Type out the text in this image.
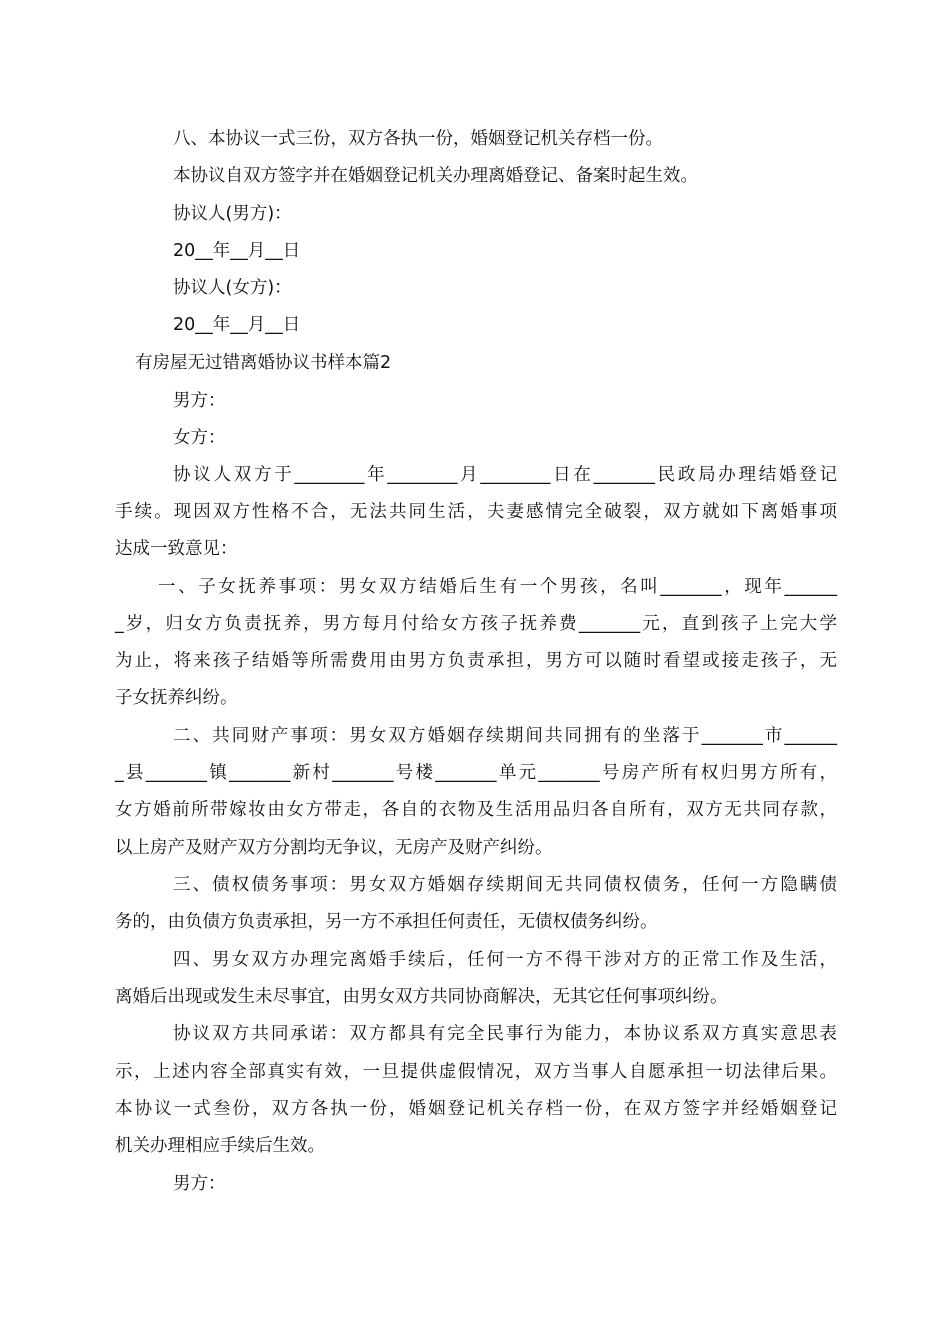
八、本协议一式三份，双方各执一份，婚姻登记机关存档一份。
本协议自双方签字并在婚姻登记机关办理离婚登记、备案时起生效。
协议人(男方)：
20__年__月__日
协议人(女方)：
20__年__月__日
有房屋无过错离婚协议书样本篇2
男方：
女方：
协议人双方于________年________月________日在_______民政局办理结婚登记
手续。现因双方性格不合，无法共同生活，夫妻感情完全破裂，双方就如下离婚事项
达成一致意见：
一、子女抚养事项：男女双方结婚后生有一个男孩，名叫_______，现年______
_岁，归女方负责抚养，男方每月付给女方孩子抚养费_______元，直到孩子上完大学
为止，将来孩子结婚等所需费用由男方负责承担，男方可以随时看望或接走孩子，无
子女抚养纠纷。
二、共同财产事项：男女双方婚姻存续期间共同拥有的坐落于_______市______
_县_______镇_______新村_______号楼_______单元_______号房产所有权归男方所有，
女方婚前所带嫁妆由女方带走，各自的衣物及生活用品归各自所有，双方无共同存款，
以上房产及财产双方分割均无争议，无房产及财产纠纷。
三、债权债务事项：男女双方婚姻存续期间无共同债权债务，任何一方隐瞒债
务的，由负债方负责承担，另一方不承担任何责任，无债权债务纠纷。
四、男女双方办理完离婚手续后，任何一方不得干涉对方的正常工作及生活，
离婚后出现或发生未尽事宜，由男女双方共同协商解决，无其它任何事项纠纷。
协议双方共同承诺：双方都具有完全民事行为能力，本协议系双方真实意思表
示，上述内容全部真实有效，一旦提供虚假情况，双方当事人自愿承担一切法律后果。
本协议一式叁份，双方各执一份，婚姻登记机关存档一份，在双方签字并经婚姻登记
机关办理相应手续后生效。
男方：
